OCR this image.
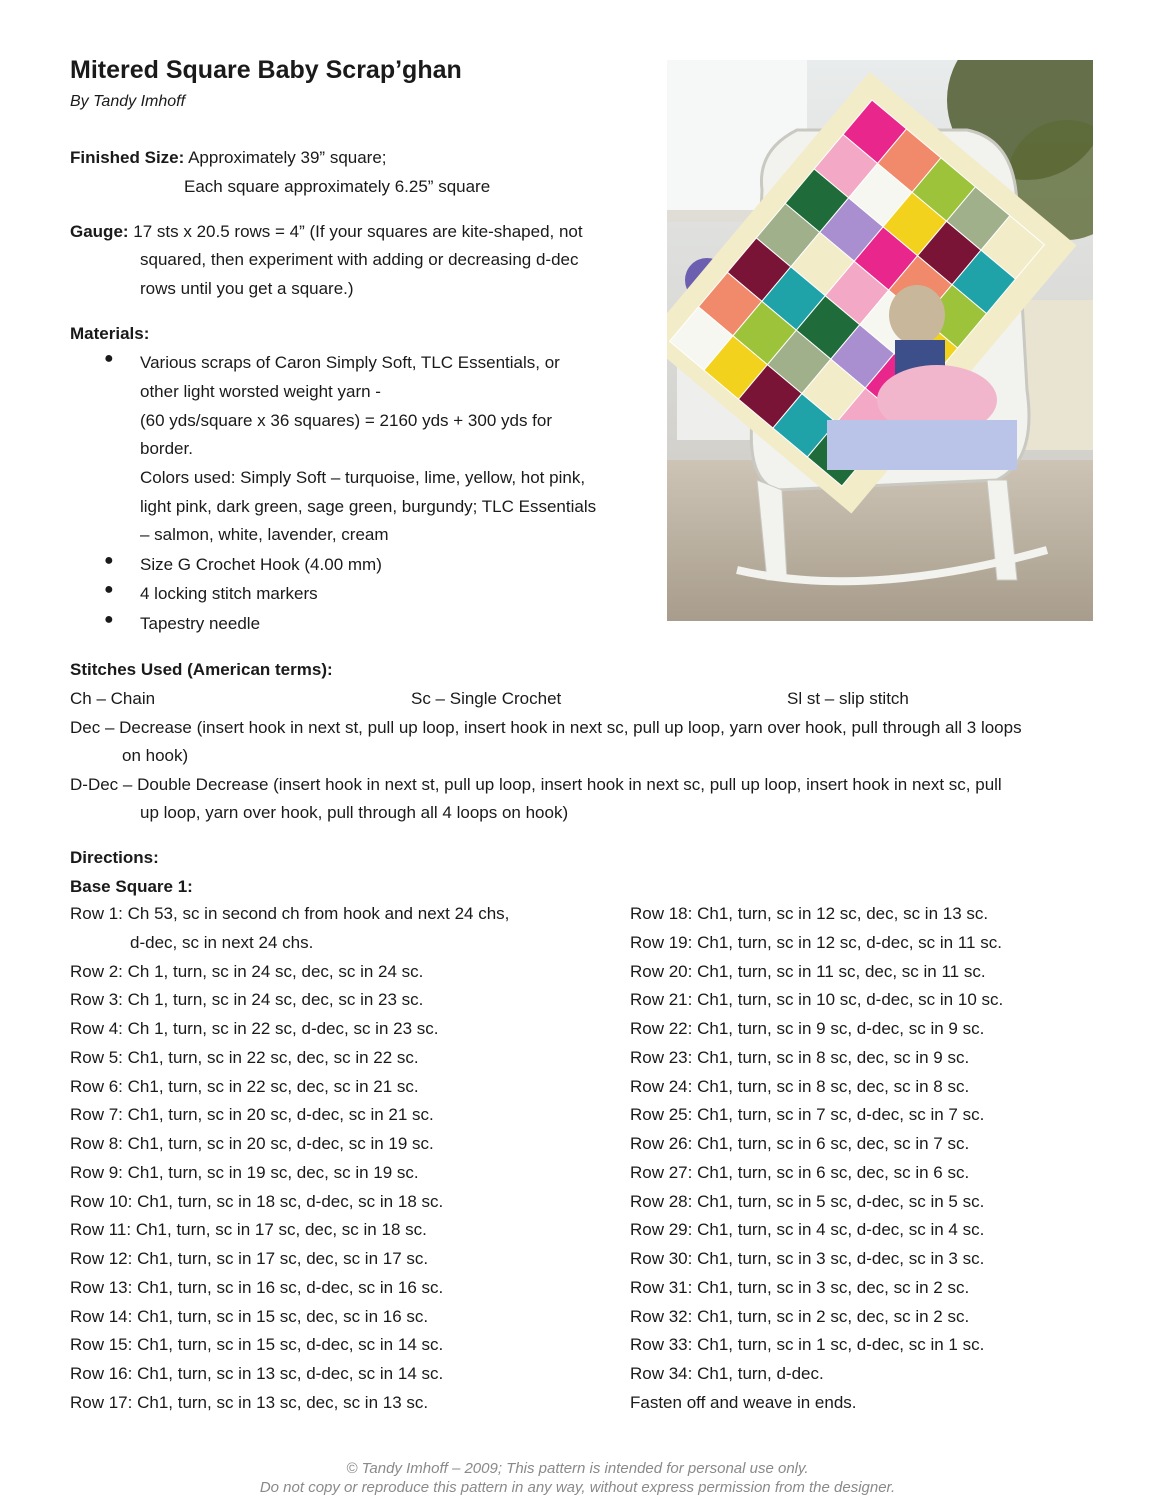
Mitered Square Baby Scrap’ghan
By Tandy Imhoff
Finished Size: Approximately 39” square;
Each square approximately 6.25” square
Gauge: 17 sts x 20.5 rows = 4” (If your squares are kite-shaped, not
squared, then experiment with adding or decreasing d-dec
rows until you get a square.)
Materials:
● Various scraps of Caron Simply Soft, TLC Essentials, or
other light worsted weight yarn -
(60 yds/square x 36 squares) = 2160 yds + 300 yds for
border.
Colors used: Simply Soft – turquoise, lime, yellow, hot pink,
light pink, dark green, sage green, burgundy; TLC Essentials
– salmon, white, lavender, cream
● Size G Crochet Hook (4.00 mm)
● 4 locking stitch markers
● Tapestry needle
Stitches Used (American terms):
Ch – Chain	Sc – Single Crochet	Sl st – slip stitch
Dec – Decrease (insert hook in next st, pull up loop, insert hook in next sc, pull up loop, yarn over hook, pull through all 3 loops
on hook)
D-Dec – Double Decrease (insert hook in next st, pull up loop, insert hook in next sc, pull up loop, insert hook in next sc, pull
up loop, yarn over hook, pull through all 4 loops on hook)
Directions:
Base Square 1:
Row 1: Ch 53, sc in second ch from hook and next 24 chs,
d-dec, sc in next 24 chs.
Row 2: Ch 1, turn, sc in 24 sc, dec, sc in 24 sc.
Row 3: Ch 1, turn, sc in 24 sc, dec, sc in 23 sc.
Row 4: Ch 1, turn, sc in 22 sc, d-dec, sc in 23 sc.
Row 5: Ch1, turn, sc in 22 sc, dec, sc in 22 sc.
Row 6: Ch1, turn, sc in 22 sc, dec, sc in 21 sc.
Row 7: Ch1, turn, sc in 20 sc, d-dec, sc in 21 sc.
Row 8: Ch1, turn, sc in 20 sc, d-dec, sc in 19 sc.
Row 9: Ch1, turn, sc in 19 sc, dec, sc in 19 sc.
Row 10: Ch1, turn, sc in 18 sc, d-dec, sc in 18 sc.
Row 11: Ch1, turn, sc in 17 sc, dec, sc in 18 sc.
Row 12: Ch1, turn, sc in 17 sc, dec, sc in 17 sc.
Row 13: Ch1, turn, sc in 16 sc, d-dec, sc in 16 sc.
Row 14: Ch1, turn, sc in 15 sc, dec, sc in 16 sc.
Row 15: Ch1, turn, sc in 15 sc, d-dec, sc in 14 sc.
Row 16: Ch1, turn, sc in 13 sc, d-dec, sc in 14 sc.
Row 17: Ch1, turn, sc in 13 sc, dec, sc in 13 sc.
Row 18: Ch1, turn, sc in 12 sc, dec, sc in 13 sc.
Row 19: Ch1, turn, sc in 12 sc, d-dec, sc in 11 sc.
Row 20: Ch1, turn, sc in 11 sc, dec, sc in 11 sc.
Row 21: Ch1, turn, sc in 10 sc, d-dec, sc in 10 sc.
Row 22: Ch1, turn, sc in 9 sc, d-dec, sc in 9 sc.
Row 23: Ch1, turn, sc in 8 sc, dec, sc in 9 sc.
Row 24: Ch1, turn, sc in 8 sc, dec, sc in 8 sc.
Row 25: Ch1, turn, sc in 7 sc, d-dec, sc in 7 sc.
Row 26: Ch1, turn, sc in 6 sc, dec, sc in 7 sc.
Row 27: Ch1, turn, sc in 6 sc, dec, sc in 6 sc.
Row 28: Ch1, turn, sc in 5 sc, d-dec, sc in 5 sc.
Row 29: Ch1, turn, sc in 4 sc, d-dec, sc in 4 sc.
Row 30: Ch1, turn, sc in 3 sc, d-dec, sc in 3 sc.
Row 31: Ch1, turn, sc in 3 sc, dec, sc in 2 sc.
Row 32: Ch1, turn, sc in 2 sc, dec, sc in 2 sc.
Row 33: Ch1, turn, sc in 1 sc, d-dec, sc in 1 sc.
Row 34: Ch1, turn, d-dec.
Fasten off and weave in ends.
© Tandy Imhoff – 2009; This pattern is intended for personal use only.
Do not copy or reproduce this pattern in any way, without express permission from the designer.
